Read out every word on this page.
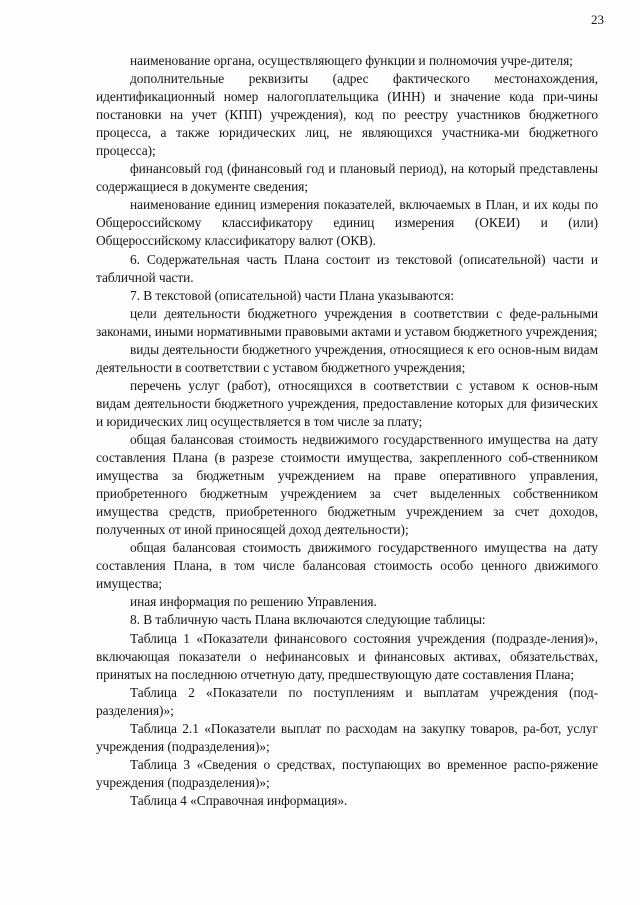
23

наименование органа, осуществляющего функции и полномочия учре-дителя;

дополнительные реквизиты (адрес фактического местонахождения, идентификационный номер налогоплательщика (ИНН) и значение кода при-чины постановки на учет (КПП) учреждения), код по реестру участников бюджетного процесса, а также юридических лиц, не являющихся участника-ми бюджетного процесса);

финансовый год (финансовый год и плановый период), на который представлены содержащиеся в документе сведения;

наименование единиц измерения показателей, включаемых в План, и их коды по Общероссийскому классификатору единиц измерения (ОКЕИ) и (или) Общероссийскому классификатору валют (ОКВ).

6. Содержательная часть Плана состоит из текстовой (описательной) части и табличной части.

7. В текстовой (описательной) части Плана указываются:

цели деятельности бюджетного учреждения в соответствии с феде-ральными законами, иными нормативными правовыми актами и уставом бюджетного учреждения;

виды деятельности бюджетного учреждения, относящиеся к его основ-ным видам деятельности в соответствии с уставом бюджетного учреждения;

перечень услуг (работ), относящихся в соответствии с уставом к основ-ным видам деятельности бюджетного учреждения, предоставление которых для физических и юридических лиц осуществляется в том числе за плату;

общая балансовая стоимость недвижимого государственного имущества на дату составления Плана (в разрезе стоимости имущества, закрепленного соб-ственником имущества за бюджетным учреждением на праве оперативного управления, приобретенного бюджетным учреждением за счет выделенных собственником имущества средств, приобретенного бюджетным учреждением за счет доходов, полученных от иной приносящей доход деятельности);

общая балансовая стоимость движимого государственного имущества на дату составления Плана, в том числе балансовая стоимость особо ценного движимого имущества;

иная информация по решению Управления.

8. В табличную часть Плана включаются следующие таблицы:

Таблица 1 «Показатели финансового состояния учреждения (подразде-ления)», включающая показатели о нефинансовых и финансовых активах, обязательствах, принятых на последнюю отчетную дату, предшествующую дате составления Плана;

Таблица 2 «Показатели по поступлениям и выплатам учреждения (под-разделения)»;

Таблица 2.1 «Показатели выплат по расходам на закупку товаров, ра-бот, услуг учреждения (подразделения)»;

Таблица 3 «Сведения о средствах, поступающих во временное распо-ряжение учреждения (подразделения)»;

Таблица 4 «Справочная информация».
